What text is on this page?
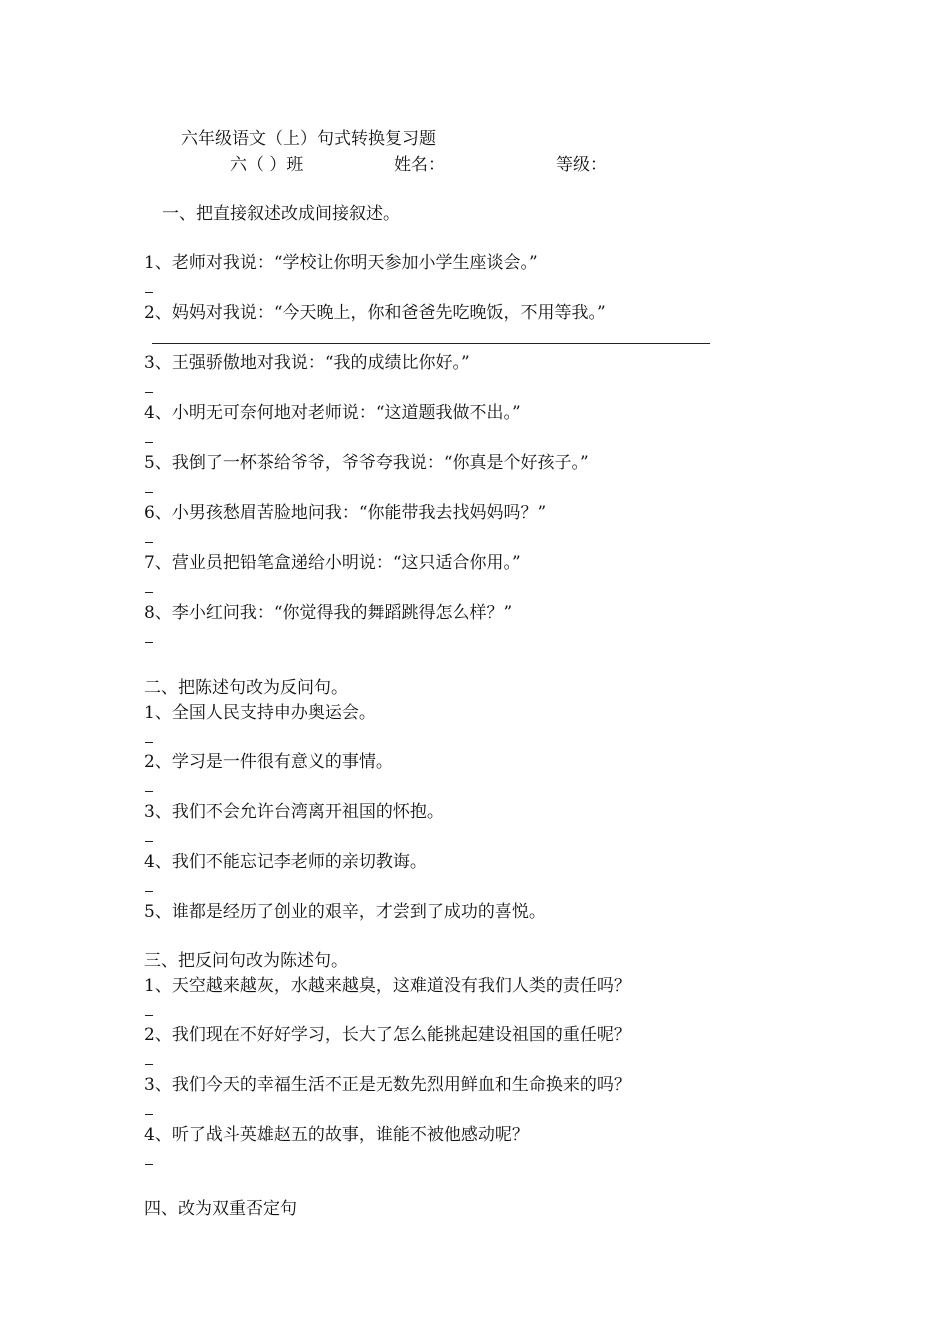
六年级语文（上）句式转换复习题
六（ ）班	姓名：	等级：
一、把直接叙述改成间接叙述。
1、老师对我说：“学校让你明天参加小学生座谈会。”
2、妈妈对我说：“今天晚上，你和爸爸先吃晚饭，不用等我。”
3、王强骄傲地对我说：“我的成绩比你好。”
4、小明无可奈何地对老师说：“这道题我做不出。”
5、我倒了一杯茶给爷爷，爷爷夸我说：“你真是个好孩子。”
6、小男孩愁眉苦脸地问我：“你能带我去找妈妈吗？”
7、营业员把铅笔盒递给小明说：“这只适合你用。”
8、李小红问我：“你觉得我的舞蹈跳得怎么样？”
二、把陈述句改为反问句。
1、全国人民支持申办奥运会。
2、学习是一件很有意义的事情。
3、我们不会允许台湾离开祖国的怀抱。
4、我们不能忘记李老师的亲切教诲。
5、谁都是经历了创业的艰辛，才尝到了成功的喜悦。
三、把反问句改为陈述句。
1、天空越来越灰，水越来越臭，这难道没有我们人类的责任吗？
2、我们现在不好好学习，长大了怎么能挑起建设祖国的重任呢？
3、我们今天的幸福生活不正是无数先烈用鲜血和生命换来的吗？
4、听了战斗英雄赵五的故事，谁能不被他感动呢？
四、改为双重否定句
